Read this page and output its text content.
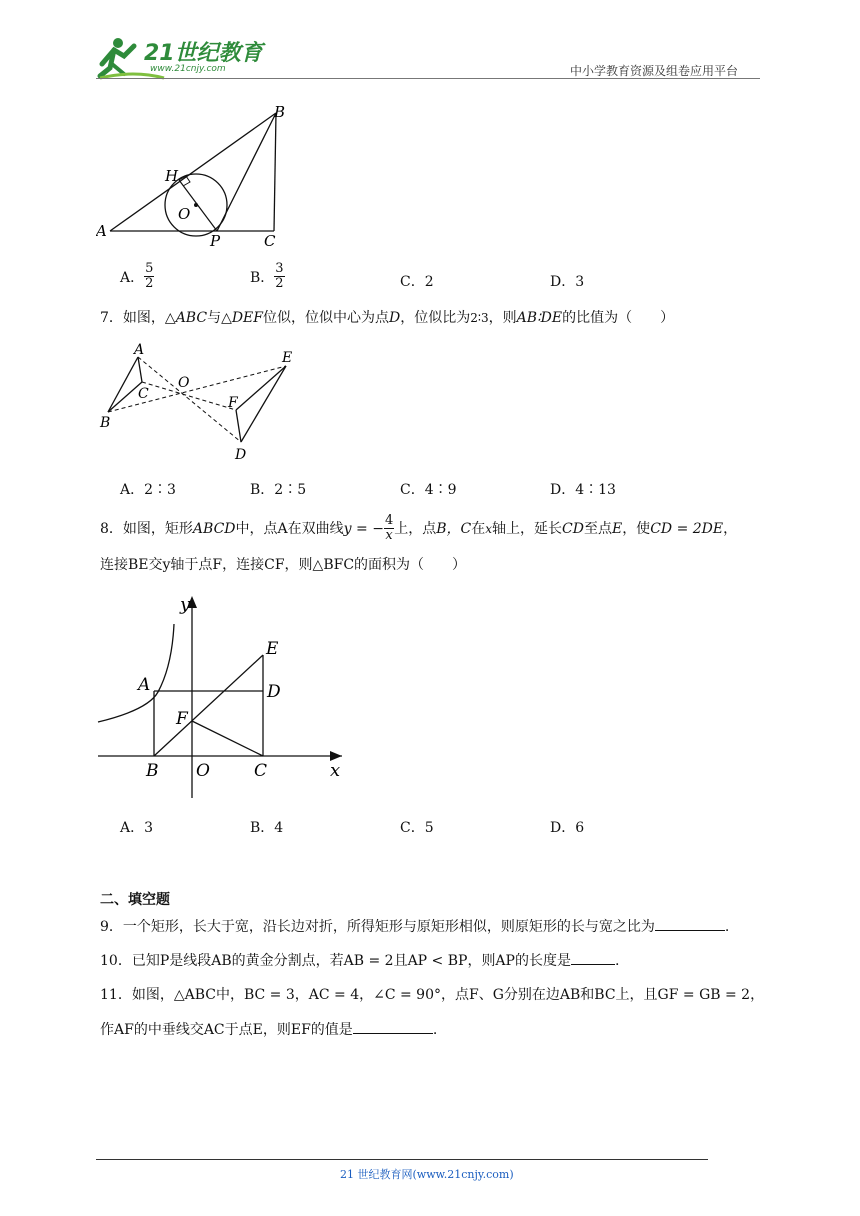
21世纪教育
www.21cnjy.com	中小学教育资源及组卷应用平台
A
B
C
H
O
P
A． $\frac{5}{2}$	B． $\frac{3}{2}$	C．2	D．3
7．如图，△ABC与△DEF位似，位似中心为点D，位似比为2∶3，则AB∶DE的比值为（　　）
A
B
C
O
E
F
D
A．2∶3	B．2∶5	C．4∶9	D．4∶13
8．如图，矩形 ABCD 中，点A在双曲线 y = − $\frac{4}{x}$ 上，点 B ，C 在 x 轴上，延长 CD 至点 E ，使 CD = 2DE ，
连接BE交y轴于点F，连接CF，则△BFC的面积为（　　）
y
x
A
B	C
D
E
F
O
A．3	B．4	C．5	D．6
二、填空题
9．一个矩形，长大于宽，沿长边对折，所得矩形与原矩形相似，则原矩形的长与宽之比为	.
10．已知P是线段AB的黄金分割点，若AB = 2且AP < BP，则AP的长度是	.
11．如图，△ABC中，BC = 3，AC = 4，∠C = 90°，点F、G分别在边AB和BC上，且GF = GB = 2，
作AF的中垂线交AC于点E，则EF的值是	.
21 世纪教育网(www.21cnjy.com)
